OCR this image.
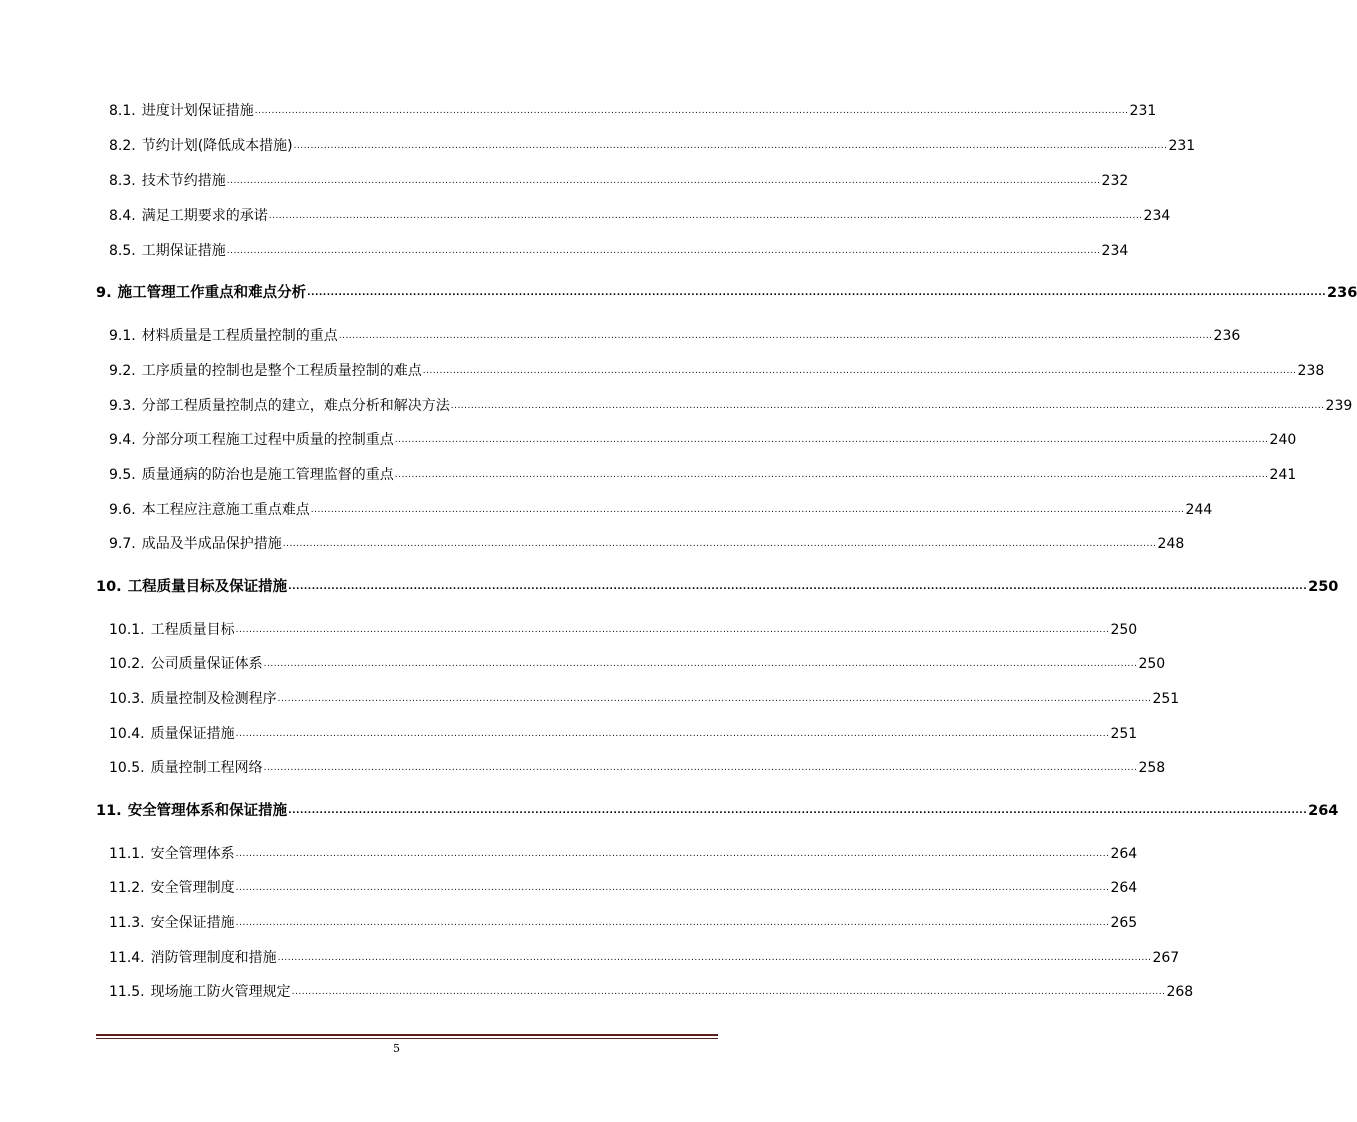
8.1. 进度计划保证措施 .................................................................................................................................................................................................................................................................... 231
8.2. 节约计划(降低成本措施) .................................................................................................................................................................................................................................................................... 231
8.3. 技术节约措施 .................................................................................................................................................................................................................................................................... 232
8.4. 满足工期要求的承诺 .................................................................................................................................................................................................................................................................... 234
8.5. 工期保证措施 .................................................................................................................................................................................................................................................................... 234
9. 施工管理工作重点和难点分析 .................................................................................................................................................................................................................................................................... 236
9.1. 材料质量是工程质量控制的重点 .................................................................................................................................................................................................................................................................... 236
9.2. 工序质量的控制也是整个工程质量控制的难点 .................................................................................................................................................................................................................................................................... 238
9.3. 分部工程质量控制点的建立，难点分析和解决方法 .................................................................................................................................................................................................................................................................... 239
9.4. 分部分项工程施工过程中质量的控制重点 .................................................................................................................................................................................................................................................................... 240
9.5. 质量通病的防治也是施工管理监督的重点 .................................................................................................................................................................................................................................................................... 241
9.6. 本工程应注意施工重点难点 .................................................................................................................................................................................................................................................................... 244
9.7. 成品及半成品保护措施 .................................................................................................................................................................................................................................................................... 248
10. 工程质量目标及保证措施 .................................................................................................................................................................................................................................................................... 250
10.1. 工程质量目标 .................................................................................................................................................................................................................................................................... 250
10.2. 公司质量保证体系 .................................................................................................................................................................................................................................................................... 250
10.3. 质量控制及检测程序 .................................................................................................................................................................................................................................................................... 251
10.4. 质量保证措施 .................................................................................................................................................................................................................................................................... 251
10.5. 质量控制工程网络 .................................................................................................................................................................................................................................................................... 258
11. 安全管理体系和保证措施 .................................................................................................................................................................................................................................................................... 264
11.1. 安全管理体系 .................................................................................................................................................................................................................................................................... 264
11.2. 安全管理制度 .................................................................................................................................................................................................................................................................... 264
11.3. 安全保证措施 .................................................................................................................................................................................................................................................................... 265
11.4. 消防管理制度和措施 .................................................................................................................................................................................................................................................................... 267
11.5. 现场施工防火管理规定 .................................................................................................................................................................................................................................................................... 268
5
